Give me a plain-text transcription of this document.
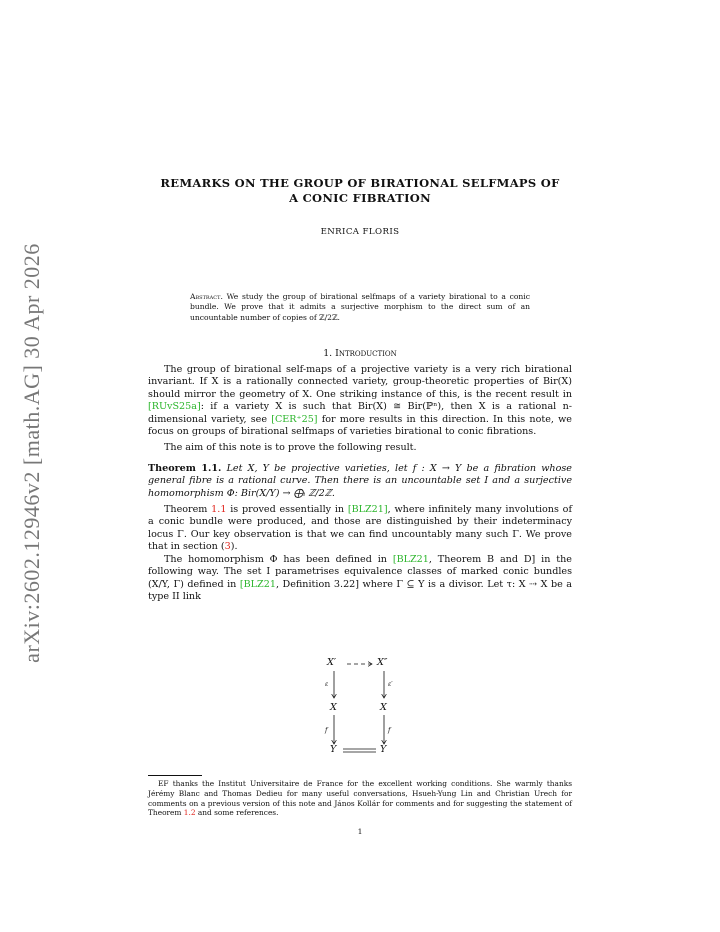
arXiv:2602.12946v2 [math.AG] 30 Apr 2026
REMARKS ON THE GROUP OF BIRATIONAL SELFMAPS OF
A CONIC FIBRATION
ENRICA FLORIS
Abstract. We study the group of birational selfmaps of a variety birational to a conic bundle. We prove that it admits a surjective morphism to the direct sum of an uncountable number of copies of ℤ/2ℤ.
1. Introduction

The group of birational self-maps of a projective variety is a very rich birational invariant. If X is a rationally connected variety, group-theoretic properties of Bir(X) should mirror the geometry of X. One striking instance of this, is the recent result in [RUvS25a]: if a variety X is such that Bir(X) ≅ Bir(ℙⁿ), then X is a rational n-dimensional variety, see [CER⁺25] for more results in this direction. In this note, we focus on groups of birational selfmaps of varieties birational to conic fibrations.

The aim of this note is to prove the following result.

Theorem 1.1. Let X, Y be projective varieties, let f : X → Y be a fibration whose general fibre is a rational curve. Then there is an uncountable set I and a surjective homomorphism Φ: Bir(X/Y) → ⨁ᵢ ℤ/2ℤ.

Theorem 1.1 is proved essentially in [BLZ21], where infinitely many involutions of a conic bundle were produced, and those are distinguished by their indeterminacy locus Γ. Our key observation is that we can find uncountably many such Γ. We prove that in section (3).

The homomorphism Φ has been defined in [BLZ21, Theorem B and D] in the following way. The set I parametrises equivalence classes of marked conic bundles (X/Y, Γ) defined in [BLZ21, Definition 3.22] where Γ ⊆ Y is a divisor. Let τ: X ⇢ X be a type II link

X′	X″
ε	ε′
X	X
f	f
Y	Y
EF thanks the Institut Universitaire de France for the excellent working conditions. She warmly thanks Jérémy Blanc and Thomas Dedieu for many useful conversations, Hsueh-Yung Lin and Christian Urech for comments on a previous version of this note and János Kollár for comments and for suggesting the statement of Theorem 1.2 and some references.
1
